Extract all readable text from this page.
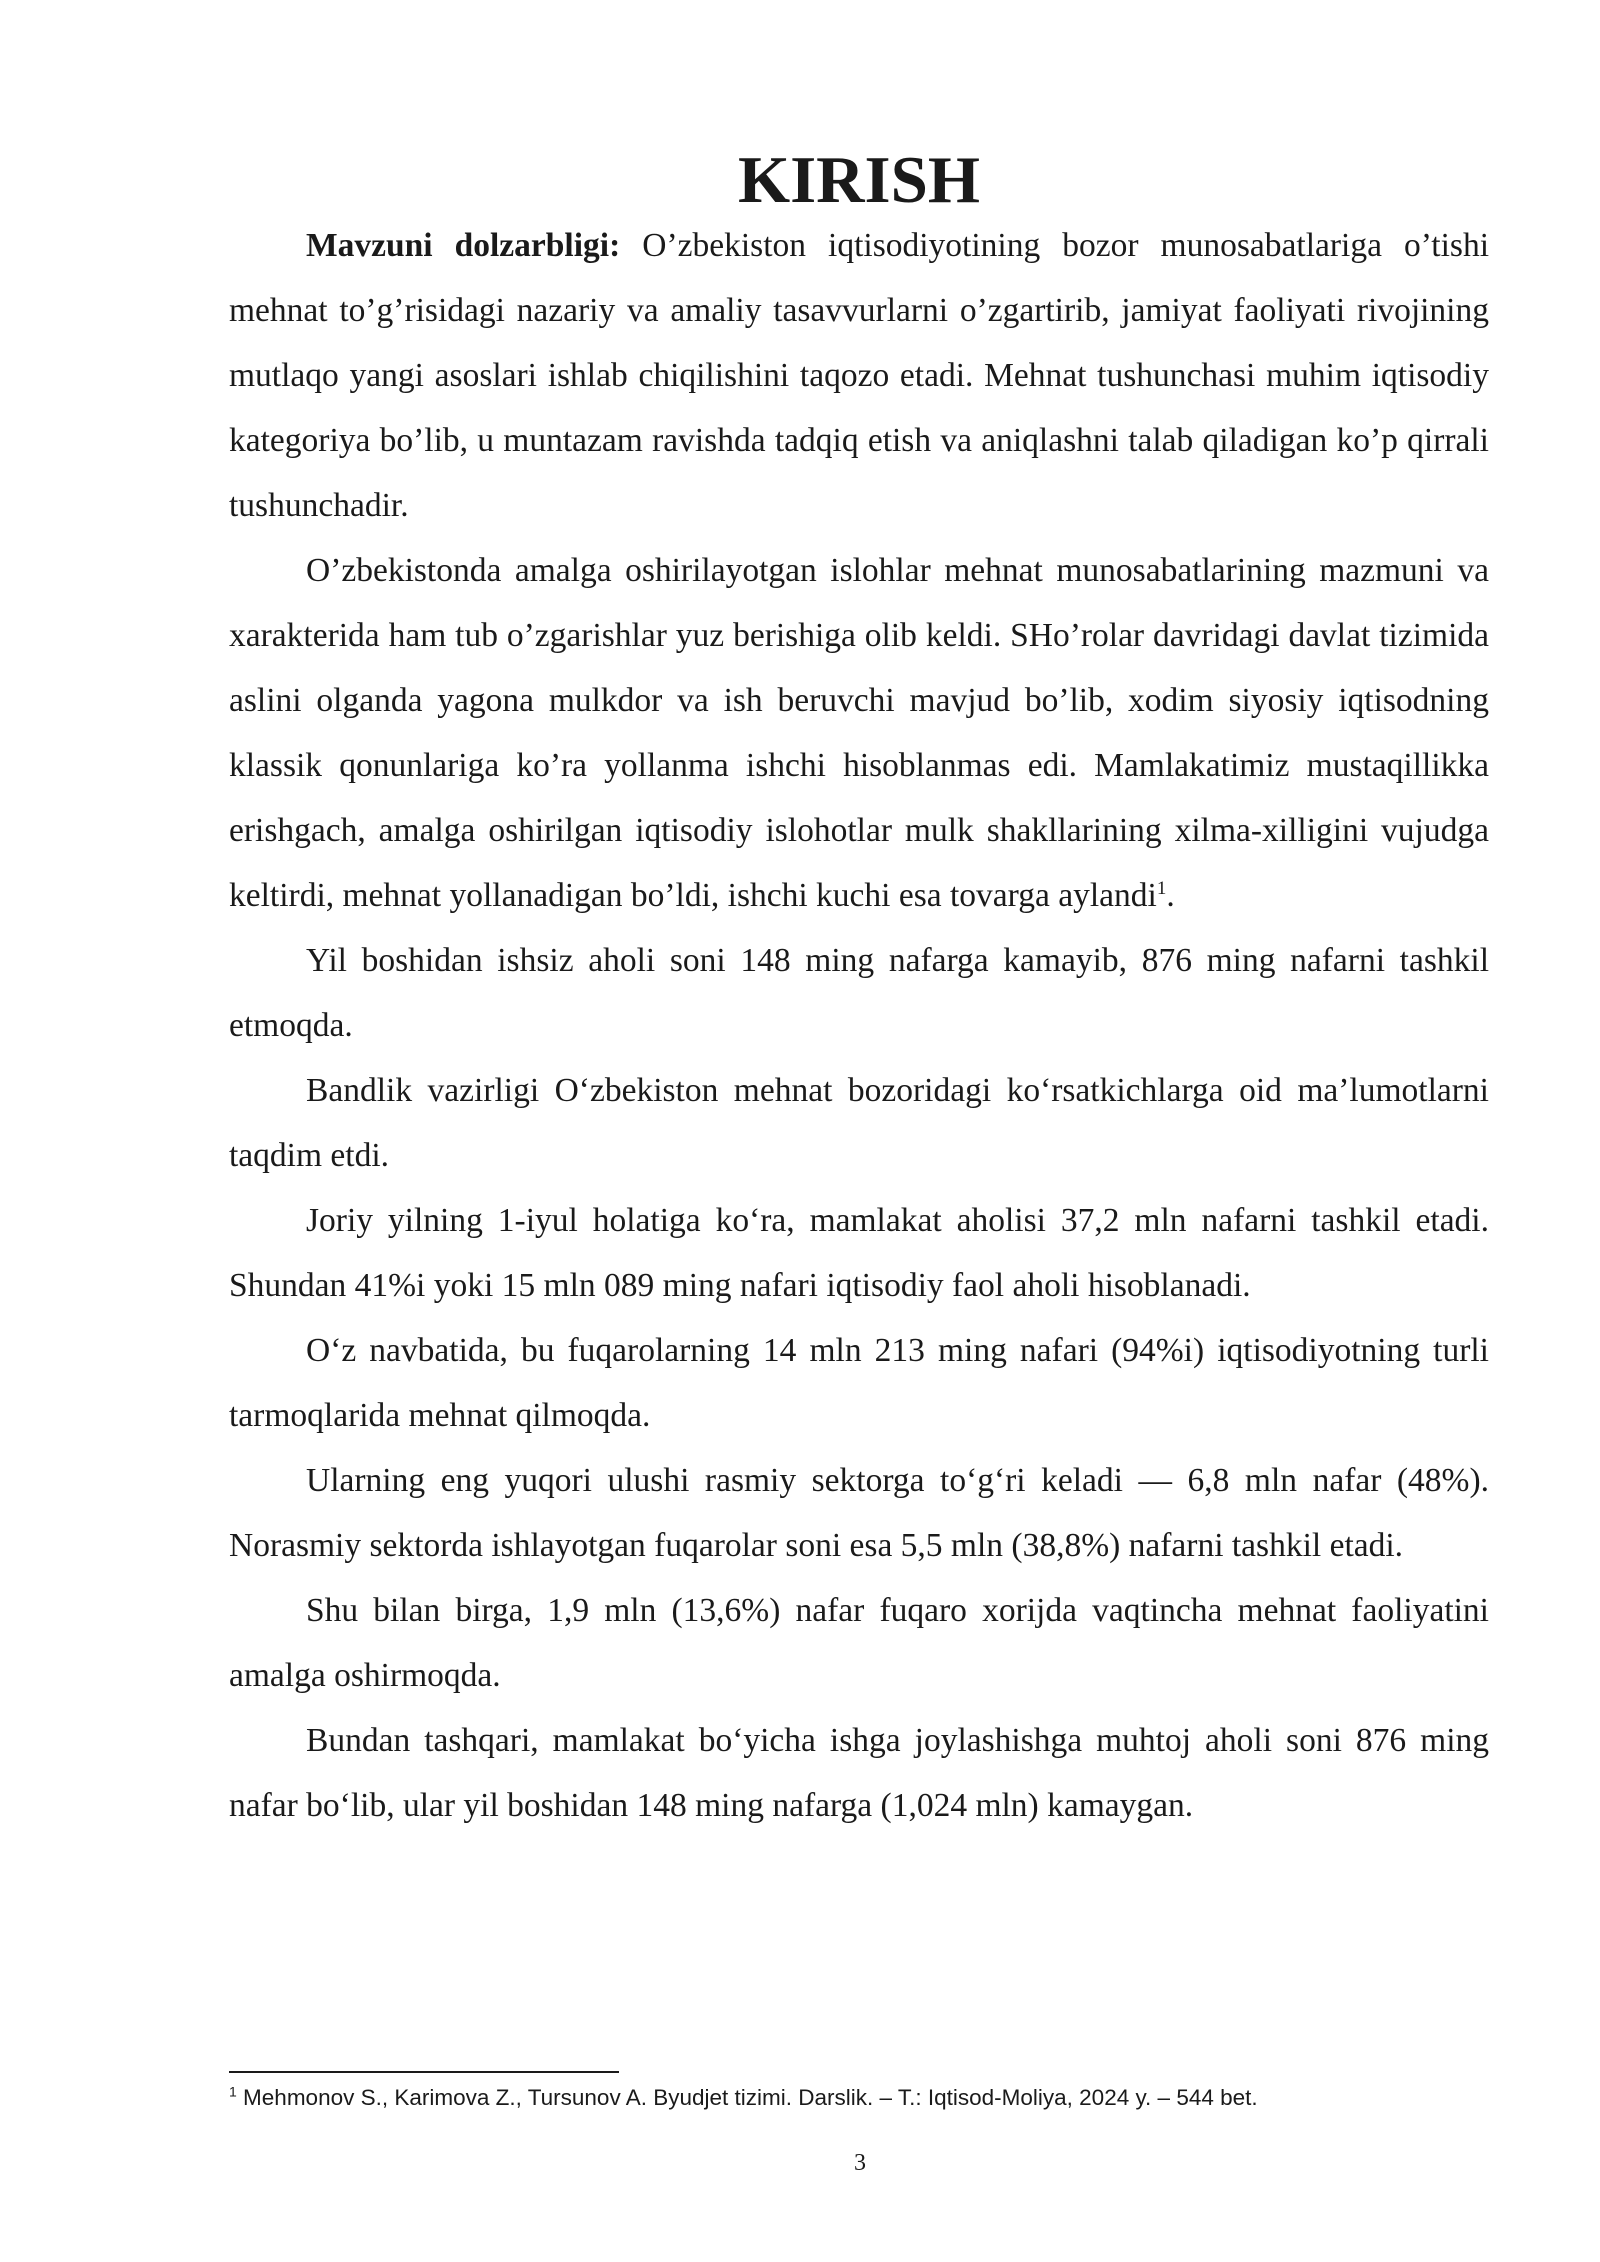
KIRISH

Mavzuni dolzarbligi: O’zbekiston iqtisodiyotining bozor munosabatlariga o’tishi mehnat to’g’risidagi nazariy va amaliy tasavvurlarni o’zgartirib, jamiyat faoliyati rivojining mutlaqo yangi asoslari ishlab chiqilishini taqozo etadi. Mehnat tushunchasi muhim iqtisodiy kategoriya bo’lib, u muntazam ravishda tadqiq etish va aniqlashni talab qiladigan ko’p qirrali tushunchadir.

O’zbekistonda amalga oshirilayotgan islohlar mehnat munosabatlarining mazmuni va xarakterida ham tub o’zgarishlar yuz berishiga olib keldi. SHo’rolar davridagi davlat tizimida aslini olganda yagona mulkdor va ish beruvchi mavjud bo’lib, xodim siyosiy iqtisodning klassik qonunlariga ko’ra yollanma ishchi hisoblanmas edi. Mamlakatimiz mustaqillikka erishgach, amalga oshirilgan iqtisodiy islohotlar mulk shakllarining xilma-xilligini vujudga keltirdi, mehnat yollanadigan bo’ldi, ishchi kuchi esa tovarga aylandi$^1$.

Yil boshidan ishsiz aholi soni 148 ming nafarga kamayib, 876 ming nafarni tashkil etmoqda.

Bandlik vazirligi O‘zbekiston mehnat bozoridagi ko‘rsatkichlarga oid ma’lumotlarni taqdim etdi.

Joriy yilning 1-iyul holatiga ko‘ra, mamlakat aholisi 37,2 mln nafarni tashkil etadi. Shundan 41%i yoki 15 mln 089 ming nafari iqtisodiy faol aholi hisoblanadi.

O‘z navbatida, bu fuqarolarning 14 mln 213 ming nafari (94%i) iqtisodiyotning turli tarmoqlarida mehnat qilmoqda.

Ularning eng yuqori ulushi rasmiy sektorga to‘g‘ri keladi — 6,8 mln nafar (48%). Norasmiy sektorda ishlayotgan fuqarolar soni esa 5,5 mln (38,8%) nafarni tashkil etadi.

Shu bilan birga, 1,9 mln (13,6%) nafar fuqaro xorijda vaqtincha mehnat faoliyatini amalga oshirmoqda.

Bundan tashqari, mamlakat bo‘yicha ishga joylashishga muhtoj aholi soni 876 ming nafar bo‘lib, ular yil boshidan 148 ming nafarga (1,024 mln) kamaygan.

$^1$ Mehmonov S., Karimova Z., Tursunov A. Byudjet tizimi. Darslik. – T.: Iqtisod-Moliya, 2024 y. – 544 bet.
3
